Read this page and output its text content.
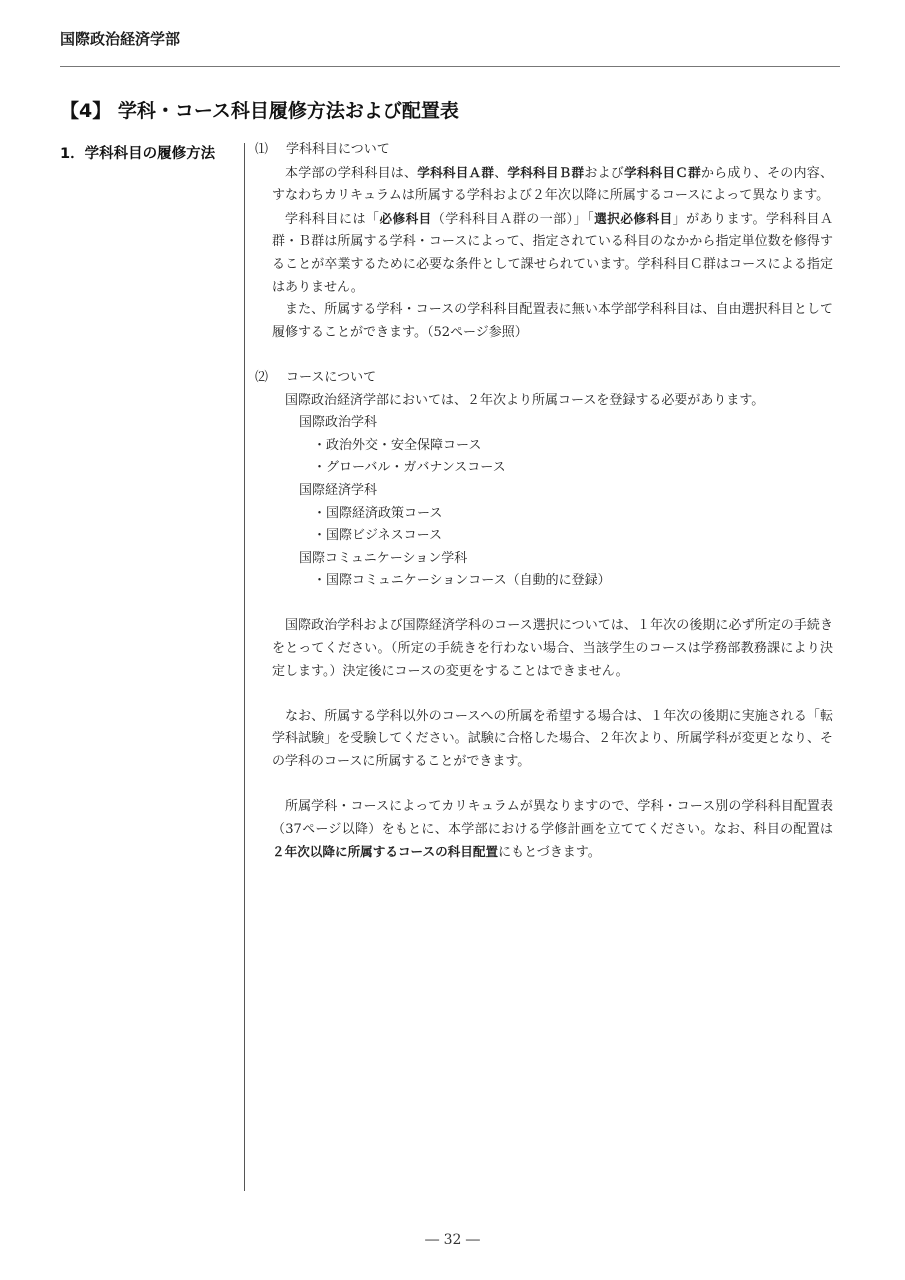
国際政治経済学部
【4】 学科・コース科目履修方法および配置表
1．学科科目の履修方法	⑴	学科科目について

本学部の学科科目は、学科科目Ａ群、学科科目Ｂ群および学科科目Ｃ群から成り、その内容、すなわちカリキュラムは所属する学科および２年次以降に所属するコースによって異なります。

学科科目には「必修科目（学科科目Ａ群の一部）」「選択必修科目」があります。学科科目Ａ群・Ｂ群は所属する学科・コースによって、指定されている科目のなかから指定単位数を修得することが卒業するために必要な条件として課せられています。学科科目Ｃ群はコースによる指定はありません。

また、所属する学科・コースの学科科目配置表に無い本学部学科科目は、自由選択科目として履修することができます。（52ページ参照）

⑵	コースについて

国際政治経済学部においては、２年次より所属コースを登録する必要があります。

国際政治学科

・政治外交・安全保障コース

・グローバル・ガバナンスコース

国際経済学科

・国際経済政策コース

・国際ビジネスコース

国際コミュニケーション学科

・国際コミュニケーションコース（自動的に登録）

国際政治学科および国際経済学科のコース選択については、１年次の後期に必ず所定の手続きをとってください。（所定の手続きを行わない場合、当該学生のコースは学務部教務課により決定します。）決定後にコースの変更をすることはできません。

なお、所属する学科以外のコースへの所属を希望する場合は、１年次の後期に実施される「転学科試験」を受験してください。試験に合格した場合、２年次より、所属学科が変更となり、その学科のコースに所属することができます。

所属学科・コースによってカリキュラムが異なりますので、学科・コース別の学科科目配置表（37ページ以降）をもとに、本学部における学修計画を立ててください。なお、科目の配置は２年次以降に所属するコースの科目配置にもとづきます。

― 32 ―
